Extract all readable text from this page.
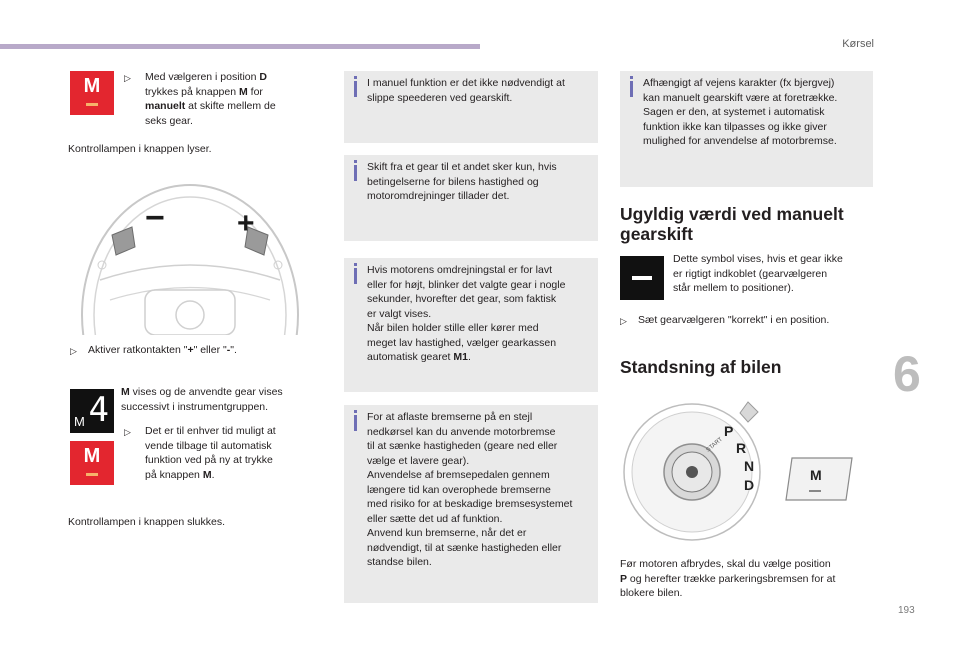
Kørsel
6
193
M	▷ Med vælgeren i position D
trykkes på knappen M for
manuelt at skifte mellem de
seks gear.
Kontrollampen i knappen lyser.
− +
▷ Aktiver ratkontakten "+" eller "-".
M 4 M vises og de anvendte gear vises
successivt i instrumentgruppen.
M
▷ Det er til enhver tid muligt at
vende tilbage til automatisk
funktion ved på ny at trykke
på knappen M.
Kontrollampen i knappen slukkes.
I manuel funktion er det ikke nødvendigt at
slippe speederen ved gearskift.
Skift fra et gear til et andet sker kun, hvis
betingelserne for bilens hastighed og
motoromdrejninger tillader det.
Hvis motorens omdrejningstal er for lavt
eller for højt, blinker det valgte gear i nogle
sekunder, hvorefter det gear, som faktisk
er valgt vises.
Når bilen holder stille eller kører med
meget lav hastighed, vælger gearkassen
automatisk gearet M1.
For at aflaste bremserne på en stejl
nedkørsel kan du anvende motorbremse
til at sænke hastigheden (geare ned eller
vælge et lavere gear).
Anvendelse af bremsepedalen gennem
længere tid kan overophede bremserne
med risiko for at beskadige bremsesystemet
eller sætte det ud af funktion.
Anvend kun bremserne, når det er
nødvendigt, til at sænke hastigheden eller
standse bilen.
Afhængigt af vejens karakter (fx bjergvej)
kan manuelt gearskift være at foretrække.
Sagen er den, at systemet i automatisk
funktion ikke kan tilpasses og ikke giver
mulighed for anvendelse af motorbremse.
Ugyldig værdi ved manuelt
gearskift
Dette symbol vises, hvis et gear ikke
er rigtigt indkoblet (gearvælgeren
står mellem to positioner).
▷ Sæt gearvælgeren "korrekt" i en position.
Standsning af bilen
START
P
R
N
D
M
Før motoren afbrydes, skal du vælge position
P og herefter trække parkeringsbremsen for at
blokere bilen.
